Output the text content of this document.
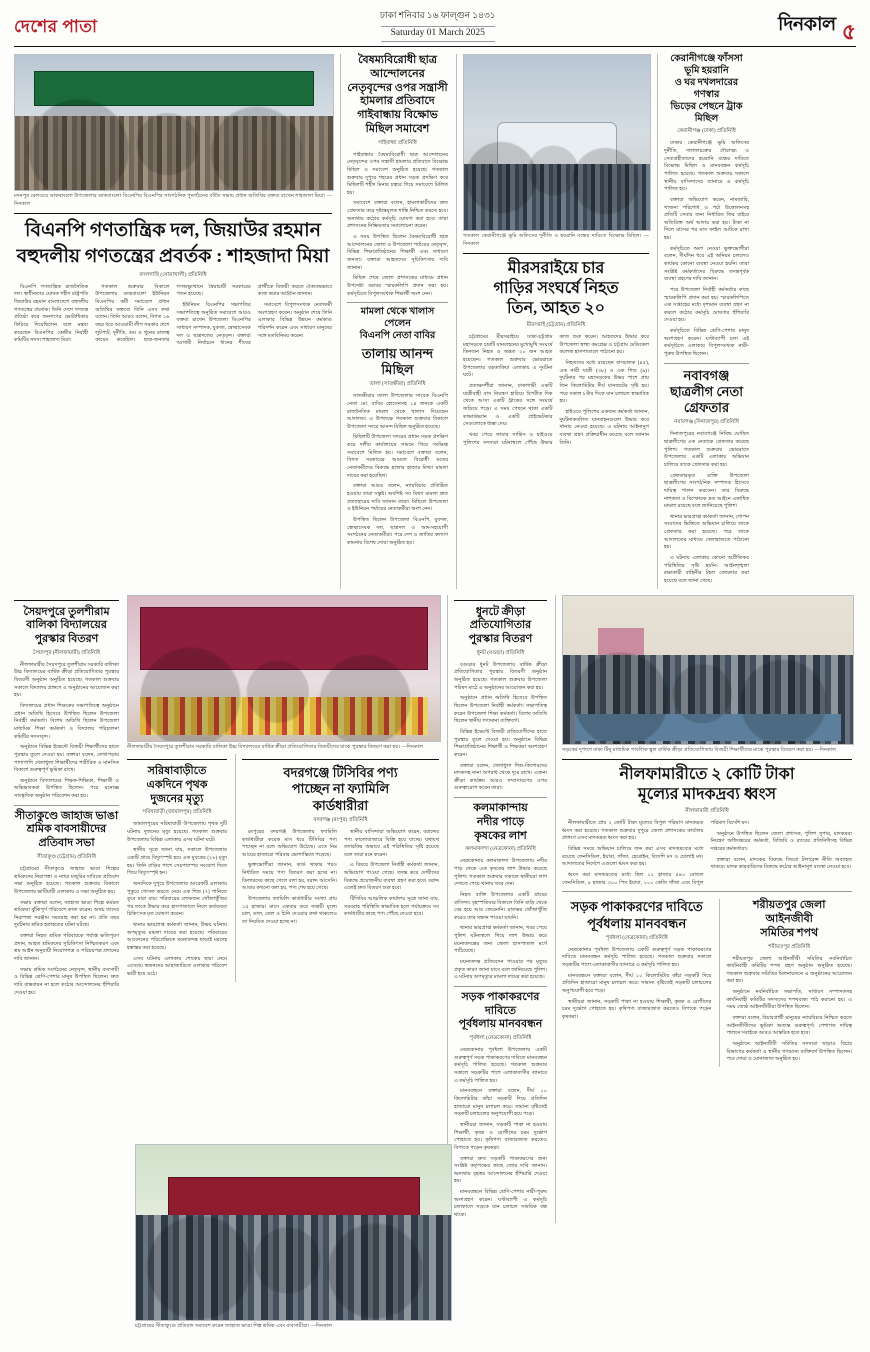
দেশের পাতা
ঢাকা শনিবার ১৬ ফাল্গুন ১৪৩১
Saturday 01 March 2025	দিনকাল ৫
মদনপুর রেলওয়ে ডাকবাংলো উপজেলার ডাকবাংলো বিএনপির বিএনপির সাংগঠনিক পুনর্গঠনের বর্ধিত সভায় প্রধান অতিথির বক্তব্য রাখেন শাহজাদা মিয়া। —দিনকাল
বিএনপি গণতান্ত্রিক দল, জিয়াউর রহমান
বহুদলীয় গণতন্ত্রের প্রবর্তক : শাহজাদা মিয়া
বদলগাছি (নোয়াখালী) প্রতিনিধি

বিএনপি গণতান্ত্রিক রাজনৈতিক দল। স্বাধীনতার ঘোষক শহীদ রাষ্ট্রপতি জিয়াউর রহমান বাংলাদেশে বহুদলীয় গণতন্ত্রের প্রবর্তক। তিনি দেশে গণতন্ত্র প্রতিষ্ঠা করে জনগণের ভোটাধিকার ফিরিয়ে দিয়েছিলেন বলে মন্তব্য করেছেন বিএনপির কেন্দ্রীয় নির্বাহী কমিটির সদস্য শাহজাদা মিয়া।

গতকাল শুক্রবার বিকালে উপজেলার ডাকবাংলো ইউনিয়ন বিএনপির কর্মী সমাবেশে প্রধান অতিথির বক্তব্যে তিনি এসব কথা বলেন। তিনি আরও বলেন, বিগত ১৬ বছর ধরে আওয়ামী লীগ সরকার দেশে লুটপাট, দুর্নীতি, গুম ও খুনের রাজত্ব কায়েম করেছিল। ছাত্র-জনতার গণঅভ্যুত্থানে স্বৈরাচারী সরকারের পতন হয়েছে।

ইউনিয়ন বিএনপির সভাপতির সভাপতিত্বে অনুষ্ঠিত সমাবেশে আরও বক্তব্য রাখেন উপজেলা বিএনপির সাধারণ সম্পাদক, যুবদল, স্বেচ্ছাসেবক দল ও ছাত্রদলের নেতৃবৃন্দ। বক্তারা আগামী নির্বাচনে ধানের শীষের প্রার্থীকে বিজয়ী করতে ঐক্যবদ্ধভাবে কাজ করার আহ্বান জানান।

সমাবেশে বিপুলসংখ্যক নেতাকর্মী অংশগ্রহণ করেন। অনুষ্ঠান শেষে তিনি এলাকার বিভিন্ন উন্নয়ন কর্মকাণ্ড পরিদর্শন করেন এবং সাধারণ মানুষের সঙ্গে মতবিনিময় করেন।

বৈষম্যবিরোধী ছাত্র আন্দোলনের নেতৃবৃন্দের ওপর সন্ত্রাসী হামলার প্রতিবাদে গাইবান্ধায় বিক্ষোভ মিছিল সমাবেশ
গাইবান্ধা প্রতিনিধি

গাইবান্ধায় বৈষম্যবিরোধী ছাত্র আন্দোলনের নেতৃবৃন্দের ওপর সন্ত্রাসী হামলার প্রতিবাদে বিক্ষোভ মিছিল ও সমাবেশ অনুষ্ঠিত হয়েছে। গতকাল শুক্রবার দুপুরে শহরের প্রধান সড়ক প্রদক্ষিণ করে মিছিলটি শহীদ মিনার চত্বরে গিয়ে সমাবেশে মিলিত হয়।

সমাবেশে বক্তারা বলেন, হামলাকারীদের দ্রুত গ্রেফতার করে দৃষ্টান্তমূলক শাস্তি নিশ্চিত করতে হবে। অন্যথায় কঠোর কর্মসূচি ঘোষণা করা হবে। তারা প্রশাসনের নিষ্ক্রিয়তার সমালোচনা করেন।

এ সময় উপস্থিত ছিলেন বৈষম্যবিরোধী ছাত্র আন্দোলনের জেলা ও উপজেলা পর্যায়ের নেতৃবৃন্দ, বিভিন্ন শিক্ষাপ্রতিষ্ঠানের শিক্ষার্থী এবং সাধারণ জনতা। বক্তারা আহতদের সুচিকিৎসার দাবি জানান।

মিছিল শেষে জেলা প্রশাসকের মাধ্যমে প্রধান উপদেষ্টা বরাবর স্মারকলিপি প্রদান করা হয়। কর্মসূচিতে বিপুলসংখ্যক শিক্ষার্থী অংশ নেন।

মামলা থেকে খালাস পেলেন
বিএনপি নেতা বাবির
তালায় আনন্দ
মিছিল
তালা (সাতক্ষীরা) প্রতিনিধি

সাতক্ষীরার তালা উপজেলার সাবেক বিএনপি নেতা মো. বাবির হোসেনসহ ১৪ জনকে একটি রাজনৈতিক মামলা থেকে খালাস দিয়েছেন আদালত। এ উপলক্ষে গতকাল শুক্রবার বিকালে উপজেলা সদরে আনন্দ মিছিল অনুষ্ঠিত হয়েছে।

মিছিলটি উপজেলা সদরের প্রধান সড়ক প্রদক্ষিণ করে দলীয় কার্যালয়ের সামনে গিয়ে সংক্ষিপ্ত সমাবেশে মিলিত হয়। সমাবেশে বক্তারা বলেন, বিগত সরকারের আমলে বিরোধী মতের নেতাকর্মীদের বিরুদ্ধে হাজার হাজার মিথ্যা মামলা দায়ের করা হয়েছিল।

বক্তারা আরও বলেন, ন্যায়বিচার প্রতিষ্ঠিত হওয়ায় তারা সন্তুষ্ট। অবশিষ্ট সব মিথ্যা মামলা দ্রুত প্রত্যাহারের দাবি জানান তারা। মিছিলে উপজেলা ও ইউনিয়ন পর্যায়ের নেতাকর্মীরা অংশ নেন।

উপস্থিত ছিলেন উপজেলা বিএনপি, যুবদল, স্বেচ্ছাসেবক দল, ছাত্রদল ও অঙ্গ-সহযোগী সংগঠনের নেতাকর্মীরা। পরে দেশ ও জাতির কল্যাণ কামনায় বিশেষ দোয়া অনুষ্ঠিত হয়।

গতকাল কেরানীগঞ্জে ভূমি অফিসের দুর্নীতি ও হয়রানি বন্ধের দাবিতে বিক্ষোভ মিছিল। —দিনকাল
মীরসরাইয়ে চার
গাড়ির সংঘর্ষে নিহত
তিন, আহত ২০
মীরসরাই (চট্টগ্রাম) প্রতিনিধি

চট্টগ্রামের মীরসরাইয়ে ঢাকা-চট্টগ্রাম মহাসড়কে চারটি যানবাহনের মুখোমুখি সংঘর্ষে তিনজন নিহত ও অন্তত ২০ জন আহত হয়েছেন। গতকাল শুক্রবার ভোররাতে উপজেলার বড়তাকিয়া এলাকায় এ দুর্ঘটনা ঘটে।

প্রত্যক্ষদর্শীরা জানান, ঢাকাগামী একটি যাত্রীবাহী বাস নিয়ন্ত্রণ হারিয়ে বিপরীত দিক থেকে আসা একটি ট্রাকের সঙ্গে সংঘর্ষে জড়িয়ে পড়ে। এ সময় পেছনে থাকা একটি কাভার্ডভ্যান ও একটি প্রাইভেটকার সেগুলোকে ধাক্কা দেয়।

খবর পেয়ে ফায়ার সার্ভিস ও হাইওয়ে পুলিশের সদস্যরা ঘটনাস্থলে পৌঁছে উদ্ধার কাজ শুরু করেন। আহতদের উদ্ধার করে উপজেলা স্বাস্থ্য কমপ্লেক্স ও চট্টগ্রাম মেডিকেল কলেজ হাসপাতালে পাঠানো হয়।

নিহতদের মধ্যে রয়েছেন বাসচালক (৪৫), এক নারী যাত্রী (৩৮) ও এক শিশু (৯)। দুর্ঘটনার পর মহাসড়কের উভয় পাশে প্রায় তিন কিলোমিটার দীর্ঘ যানজটের সৃষ্টি হয়। পরে সকাল ৮টার দিকে যান চলাচল স্বাভাবিক হয়।

হাইওয়ে পুলিশের একজন কর্মকর্তা জানান, দুর্ঘটনাকবলিত যানবাহনগুলো উদ্ধার করে থানায় নেওয়া হয়েছে। এ ঘটনায় আইনানুগ ব্যবস্থা গ্রহণ প্রক্রিয়াধীন রয়েছে বলে জানান তিনি।

কেরানীগঞ্জে ফাঁসসা ভূমি হয়রানি
ও ঘর দখলদারের গণস্বার
ভিড়ের পেছনে ট্রাক মিছিল
কেরানীগঞ্জ (ঢাকা) প্রতিনিধি

ঢাকার কেরানীগঞ্জে ভূমি অফিসের দুর্নীতি, দালালচক্রের দৌরাত্ম্য ও সেবাগ্রহীতাদের হয়রানি বন্ধের দাবিতে বিক্ষোভ মিছিল ও মানববন্ধন কর্মসূচি পালিত হয়েছে। গতকাল শুক্রবার সকালে স্থানীয় বাসিন্দাদের ব্যানারে এ কর্মসূচি পালিত হয়।

বক্তারা অভিযোগ করেন, নামজারি, খাজনা পরিশোধ ও পর্চা উত্তোলনসহ প্রতিটি সেবার জন্য নির্ধারিত ফির বাইরে অতিরিক্ত অর্থ আদায় করা হয়। টাকা না দিলে মাসের পর মাস ফাইল আটকে রাখা হয়।

কর্মসূচিতে অংশ নেওয়া ভুক্তভোগীরা বলেন, দীর্ঘদিন ধরে এই অনিয়ম চললেও কার্যকর কোনো ব্যবস্থা নেওয়া হয়নি। তারা সংশ্লিষ্ট কর্মকর্তাদের বিরুদ্ধে তদন্তপূর্বক ব্যবস্থা গ্রহণের দাবি জানান।

পরে উপজেলা নির্বাহী কর্মকর্তার কাছে স্মারকলিপি প্রদান করা হয়। স্মারকলিপিতে এক সপ্তাহের মধ্যে দৃশ্যমান ব্যবস্থা গ্রহণ না করলে কঠোর কর্মসূচি ঘোষণার হুঁশিয়ারি দেওয়া হয়।

কর্মসূচিতে বিভিন্ন শ্রেণি-পেশার মানুষ অংশগ্রহণ করেন। ঘণ্টাব্যাপী চলা এই কর্মসূচিতে এলাকার বিপুলসংখ্যক নারী-পুরুষ উপস্থিত ছিলেন।

নবাবগঞ্জ
ছাত্রলীগ নেতা
গ্রেফতার
নবাবগঞ্জ (দিনাজপুর) প্রতিনিধি

দিনাজপুরের নবাবগঞ্জে নিষিদ্ধ ঘোষিত ছাত্রলীগের এক নেতাকে গ্রেফতার করেছে পুলিশ। গতকাল শুক্রবার ভোররাতে উপজেলার একটি এলাকায় অভিযান চালিয়ে তাকে গ্রেফতার করা হয়।

গ্রেফতারকৃত ব্যক্তি উপজেলা ছাত্রলীগের সাংগঠনিক সম্পাদক হিসেবে দায়িত্ব পালন করতেন। তার বিরুদ্ধে নাশকতা ও বিস্ফোরক দ্রব্য আইনে একাধিক মামলা রয়েছে বলে জানিয়েছে পুলিশ।

থানার ভারপ্রাপ্ত কর্মকর্তা জানান, গোপন সংবাদের ভিত্তিতে অভিযান চালিয়ে তাকে গ্রেফতার করা হয়েছে। পরে তাকে আদালতের মাধ্যমে জেলহাজতে পাঠানো হয়।

এ ঘটনায় এলাকায় কোনো অপ্রীতিকর পরিস্থিতির সৃষ্টি হয়নি। আইনশৃঙ্খলা রক্ষাকারী বাহিনীর টহল জোরদার করা হয়েছে বলে জানা গেছে।

সৈয়দপুরে তুলশীরাম
বালিকা বিদ্যালয়ের
পুরস্কার বিতরণ
সৈয়দপুর (নীলফামারী) প্রতিনিধি

নীলফামারীর সৈয়দপুরে তুলশীরাম সরকারি বালিকা উচ্চ বিদ্যালয়ের বার্ষিক ক্রীড়া প্রতিযোগিতার পুরস্কার বিতরণী অনুষ্ঠান অনুষ্ঠিত হয়েছে। গতকাল শুক্রবার সকালে বিদ্যালয় প্রাঙ্গণে এ অনুষ্ঠানের আয়োজন করা হয়।

বিদ্যালয়ের প্রধান শিক্ষকের সভাপতিত্বে অনুষ্ঠানে প্রধান অতিথি হিসেবে উপস্থিত ছিলেন উপজেলা নির্বাহী কর্মকর্তা। বিশেষ অতিথি ছিলেন উপজেলা মাধ্যমিক শিক্ষা কর্মকর্তা ও বিদ্যালয় পরিচালনা কমিটির সদস্যবৃন্দ।

অনুষ্ঠানে বিভিন্ন ইভেন্টে বিজয়ী শিক্ষার্থীদের হাতে পুরস্কার তুলে দেওয়া হয়। বক্তারা বলেন, লেখাপড়ার পাশাপাশি খেলাধুলা শিক্ষার্থীদের শারীরিক ও মানসিক বিকাশে গুরুত্বপূর্ণ ভূমিকা রাখে।

অনুষ্ঠানে বিদ্যালয়ের শিক্ষক-শিক্ষিকা, শিক্ষার্থী ও অভিভাবকরা উপস্থিত ছিলেন। পরে মনোজ্ঞ সাংস্কৃতিক অনুষ্ঠান পরিবেশন করা হয়।

সীতাকুণ্ডে জাহাজ ভাঙা
শ্রমিক বাবসায়ীদের
প্রতিবাদ সভা
সীতাকুণ্ড (চট্টগ্রাম) প্রতিনিধি

চট্টগ্রামের সীতাকুণ্ডে জাহাজ ভাঙা শিল্পের শ্রমিকদের নিরাপত্তা ও ন্যায্য মজুরির দাবিতে প্রতিবাদ সভা অনুষ্ঠিত হয়েছে। গতকাল শুক্রবার বিকালে উপজেলার ভাটিয়ারী এলাকায় এ সভা অনুষ্ঠিত হয়।

সভায় বক্তারা বলেন, জাহাজ ভাঙা শিল্পে কর্মরত শ্রমিকরা ঝুঁকিপূর্ণ পরিবেশে কাজ করেন। অথচ তাদের নিরাপত্তা সরঞ্জাম সরবরাহ করা হয় না। প্রতি বছর দুর্ঘটনায় শ্রমিক হতাহতের ঘটনা ঘটছে।

বক্তারা নিহত শ্রমিক পরিবারকে পর্যাপ্ত ক্ষতিপূরণ প্রদান, আহত শ্রমিকদের সুচিকিৎসা নিশ্চিতকরণ এবং শ্রম আইন অনুযায়ী নিয়োগপত্র ও পরিচয়পত্র প্রদানের দাবি জানান।

সভায় শ্রমিক সংগঠনের নেতৃবৃন্দ, স্থানীয় ব্যবসায়ী ও বিভিন্ন শ্রেণি-পেশার মানুষ উপস্থিত ছিলেন। দ্রুত দাবি বাস্তবায়ন না হলে কঠোর আন্দোলনের হুঁশিয়ারি দেওয়া হয়।

নীলফামারীর সৈয়দপুরে তুলশীরাম সরকারি বালিকা উচ্চ বিদ্যালয়ের বার্ষিক ক্রীড়া প্রতিযোগিতার বিজয়ীদের মাঝে পুরস্কার বিতরণ করা হয়। —দিনকাল
সরিষাবাড়ীতে
একদিনে পৃথক
দুজনের মৃত্যু
সরিষাবাড়ী (জামালপুর) প্রতিনিধি

জামালপুরের সরিষাবাড়ী উপজেলায় পৃথক দুটি ঘটনায় দুজনের মৃত্যু হয়েছে। গতকাল শুক্রবার উপজেলার বিভিন্ন এলাকায় এসব ঘটনা ঘটে।

স্থানীয় সূত্রে জানা যায়, সকালে উপজেলার একটি গ্রামে বিদ্যুৎস্পৃষ্ট হয়ে এক যুবকের (২৮) মৃত্যু হয়। তিনি বাড়ির পাশে সেচপাম্পের সংযোগ দিতে গিয়ে বিদ্যুৎস্পৃষ্ট হন।

অন্যদিকে দুপুরে উপজেলার আরেকটি এলাকায় পুকুরে গোসল করতে নেমে এক শিশু (৭) পানিতে ডুবে মারা যায়। পরিবারের লোকজন খোঁজাখুঁজির পর তাকে উদ্ধার করে হাসপাতালে নিলে কর্তব্যরত চিকিৎসক মৃত ঘোষণা করেন।

থানার ভারপ্রাপ্ত কর্মকর্তা জানান, উভয় ঘটনায় অপমৃত্যুর মামলা দায়ের করা হয়েছে। পরিবারের আবেদনের পরিপ্রেক্ষিতে ময়নাতদন্ত ছাড়াই মরদেহ হস্তান্তর করা হয়েছে।

এসব ঘটনায় এলাকায় শোকের ছায়া নেমে এসেছে। স্বজনদের আহাজারিতে এলাকার পরিবেশ ভারী হয়ে ওঠে।

বদরগঞ্জে টিসিবির পণ্য
পাচ্ছেন না ফ্যামিলি
কার্ডধারীরা
বদরগঞ্জ (রংপুর) প্রতিনিধি

রংপুরের বদরগঞ্জ উপজেলায় ফ্যামিলি কার্ডধারীরা কয়েক মাস ধরে টিসিবির পণ্য পাচ্ছেন না বলে অভিযোগ উঠেছে। এতে নিম্ন আয়ের হাজারো পরিবার ভোগান্তিতে পড়েছে।

ভুক্তভোগীরা জানান, কার্ড থাকার পরও নির্ধারিত সময়ে পণ্য বিতরণ করা হচ্ছে না। ডিলারদের কাছে গেলে বলা হয়, বরাদ্দ আসেনি। আবার কখনো বলা হয়, পণ্য শেষ হয়ে গেছে।

উপজেলায় ফ্যামিলি কার্ডধারীর সংখ্যা প্রায় ১৫ হাজার। মাসে একবার করে সাশ্রয়ী মূল্যে চাল, ডাল, তেল ও চিনি দেওয়ার কথা থাকলেও তা নিয়মিত দেওয়া হচ্ছে না।

স্থানীয় বাসিন্দারা অভিযোগ করেন, বরাদ্দের পণ্য কালোবাজারে বিক্রি হয়ে যাচ্ছে। যথাযথ তদারকির অভাবে এই পরিস্থিতির সৃষ্টি হয়েছে বলে তারা মনে করেন।

এ বিষয়ে উপজেলা নির্বাহী কর্মকর্তা জানান, অভিযোগ পাওয়া গেছে। তদন্ত করে দোষীদের বিরুদ্ধে প্রয়োজনীয় ব্যবস্থা গ্রহণ করা হবে। বরাদ্দ এলেই দ্রুত বিতরণ শুরু হবে।

টিসিবির আঞ্চলিক কার্যালয় সূত্রে জানা যায়, সরবরাহ পরিস্থিতি স্বাভাবিক হলে পর্যায়ক্রমে সব কার্ডধারীর কাছে পণ্য পৌঁছে দেওয়া হবে।

ধুনটে ক্রীড়া
প্রতিযোগিতার
পুরস্কার বিতরণ
ধুনট (বগুড়া) প্রতিনিধি

বগুড়ার ধুনট উপজেলায় বার্ষিক ক্রীড়া প্রতিযোগিতার পুরস্কার বিতরণী অনুষ্ঠান অনুষ্ঠিত হয়েছে। গতকাল শুক্রবার উপজেলা পরিষদ মাঠে এ অনুষ্ঠানের আয়োজন করা হয়।

অনুষ্ঠানে প্রধান অতিথি হিসেবে উপস্থিত ছিলেন উপজেলা নির্বাহী কর্মকর্তা। সভাপতিত্ব করেন উপজেলা শিক্ষা কর্মকর্তা। বিশেষ অতিথি ছিলেন স্থানীয় গণ্যমান্য ব্যক্তিবর্গ।

বিভিন্ন ইভেন্টে বিজয়ী প্রতিযোগীদের হাতে পুরস্কার তুলে দেওয়া হয়। অনুষ্ঠানে বিভিন্ন শিক্ষাপ্রতিষ্ঠানের শিক্ষার্থী ও শিক্ষকরা অংশগ্রহণ করেন।

বক্তারা বলেন, খেলাধুলা শিশু-কিশোরদের মাদকসহ নানা অপরাধ থেকে দূরে রাখে। এজন্য ক্রীড়া কার্যক্রম আরও সম্প্রসারণের ওপর গুরুত্বারোপ করেন তারা।

কলমাকান্দায়
নদীর পাড়ে
কৃষকের লাশ
কলমাকান্দা (নেত্রকোনা) প্রতিনিধি

নেত্রকোনার কলমাকান্দা উপজেলায় নদীর পাড় থেকে এক কৃষকের লাশ উদ্ধার করেছে পুলিশ। গতকাল শুক্রবার সকালে স্থানীয়রা লাশ দেখতে পেয়ে থানায় খবর দেন।

নিহত ব্যক্তি উপজেলার একটি গ্রামের বাসিন্দা। বৃহস্পতিবার বিকালে তিনি বাড়ি থেকে বের হয়ে আর ফেরেননি। রাতভর খোঁজাখুঁজি করেও তার সন্ধান পাওয়া যায়নি।

থানার ভারপ্রাপ্ত কর্মকর্তা জানান, খবর পেয়ে পুলিশ ঘটনাস্থলে গিয়ে লাশ উদ্ধার করে ময়নাতদন্তের জন্য জেলা হাসপাতাল মর্গে পাঠিয়েছে।

ময়নাতদন্ত প্রতিবেদন পাওয়ার পর মৃত্যুর প্রকৃত কারণ জানা যাবে বলে জানিয়েছে পুলিশ। এ ঘটনায় অপমৃত্যুর মামলা দায়ের করা হয়েছে।

সড়ক পাকাকরণের দাবিতে
পূর্বধলায় মানববন্ধন
পূর্বধলা (নেত্রকোনা) প্রতিনিধি

নেত্রকোনার পূর্বধলা উপজেলায় একটি গুরুত্বপূর্ণ সড়ক পাকাকরণের দাবিতে মানববন্ধন কর্মসূচি পালিত হয়েছে। গতকাল শুক্রবার সকালে সড়কটির পাশে এলাকাবাসীর ব্যানারে এ কর্মসূচি পালিত হয়।

মানববন্ধনে বক্তারা বলেন, দীর্ঘ ১০ কিলোমিটার কাঁচা সড়কটি দিয়ে প্রতিদিন হাজারো মানুষ চলাচল করে। সামান্য বৃষ্টিতেই সড়কটি চলাচলের অনুপযোগী হয়ে পড়ে।

স্থানীয়রা জানান, সড়কটি পাকা না হওয়ায় শিক্ষার্থী, কৃষক ও রোগীদের চরম দুর্ভোগ পোহাতে হয়। কৃষিপণ্য বাজারজাত করতেও বিপাকে পড়েন কৃষকরা।

বক্তারা দ্রুত সড়কটি পাকাকরণের জন্য সংশ্লিষ্ট কর্তৃপক্ষের কাছে জোর দাবি জানান। অন্যথায় বৃহত্তর আন্দোলনের হুঁশিয়ারি দেওয়া হয়।

মানববন্ধনে বিভিন্ন শ্রেণি-পেশার নারী-পুরুষ অংশগ্রহণ করেন। ঘণ্টাব্যাপী এ কর্মসূচি চলাকালে সড়কে যান চলাচল সাময়িক বন্ধ থাকে।

সড়কের দুপাশে ঢাকা টিনু মাধ্যমিক পাবলিক স্কুল বার্ষিক ক্রীড়া প্রতিযোগিতায় বিজয়ী শিক্ষার্থীদের মাঝে পুরস্কার বিতরণ করা হয়। —দিনকাল
নীলফামারীতে ২ কোটি টাকা
মূল্যের মাদকদ্রব্য ধ্বংস
নীলফামারী প্রতিনিধি

নীলফামারীতে প্রায় ২ কোটি টাকা মূল্যের বিপুল পরিমাণ মাদকদ্রব্য ধ্বংস করা হয়েছে। গতকাল শুক্রবার দুপুরে জেলা প্রশাসকের কার্যালয় প্রাঙ্গণে এসব মাদকদ্রব্য ধ্বংস করা হয়।

বিভিন্ন সময়ে অভিযান চালিয়ে জব্দ করা এসব মাদকদ্রব্যের মধ্যে রয়েছে ফেনসিডিল, ইয়াবা, গাঁজা, হেরোইন, বিদেশি মদ ও চোলাই মদ। আদালতের নির্দেশে এগুলো ধ্বংস করা হয়।

ধ্বংস করা মাদকদ্রব্যের মধ্যে ছিল ১২ হাজার ৫৪০ বোতল ফেনসিডিল, ৯ হাজার ৩০০ পিস ইয়াবা, ১০০ কেজি গাঁজা এবং বিপুল পরিমাণ বিদেশি মদ।

অনুষ্ঠানে উপস্থিত ছিলেন জেলা প্রশাসক, পুলিশ সুপার, মাদকদ্রব্য নিয়ন্ত্রণ অধিদপ্তরের কর্মকর্তা, বিজিবি ও র‍্যাবের প্রতিনিধিসহ বিভিন্ন দপ্তরের কর্মকর্তারা।

বক্তারা বলেন, মাদকের বিরুদ্ধে জিরো টলারেন্স নীতি অব্যাহত থাকবে। মাদক কারবারিদের বিরুদ্ধে কঠোর আইনানুগ ব্যবস্থা নেওয়া হবে।

সড়ক পাকাকরণের দাবিতে
পূর্বধলায় মানববন্ধন
পূর্বধলা (নেত্রকোনা) প্রতিনিধি

নেত্রকোনার পূর্বধলা উপজেলায় একটি গুরুত্বপূর্ণ সড়ক পাকাকরণের দাবিতে মানববন্ধন কর্মসূচি পালিত হয়েছে। গতকাল শুক্রবার সকালে সড়কটির পাশে এলাকাবাসীর ব্যানারে এ কর্মসূচি পালিত হয়।

মানববন্ধনে বক্তারা বলেন, দীর্ঘ ১০ কিলোমিটার কাঁচা সড়কটি দিয়ে প্রতিদিন হাজারো মানুষ চলাচল করে। সামান্য বৃষ্টিতেই সড়কটি চলাচলের অনুপযোগী হয়ে পড়ে।

স্থানীয়রা জানান, সড়কটি পাকা না হওয়ায় শিক্ষার্থী, কৃষক ও রোগীদের চরম দুর্ভোগ পোহাতে হয়। কৃষিপণ্য বাজারজাত করতেও বিপাকে পড়েন কৃষকরা।

শরীয়তপুর জেলা
আইনজীবী
সমিতির শপথ
শরীয়তপুর প্রতিনিধি

শরীয়তপুর জেলা আইনজীবী সমিতির নবনির্বাচিত কার্যনির্বাহী কমিটির শপথ গ্রহণ অনুষ্ঠান অনুষ্ঠিত হয়েছে। গতকাল শুক্রবার সমিতির মিলনায়তনে এ অনুষ্ঠানের আয়োজন করা হয়।

অনুষ্ঠানে নবনির্বাচিত সভাপতি, সাধারণ সম্পাদকসহ কার্যনির্বাহী কমিটির সদস্যদের শপথবাক্য পাঠ করানো হয়। এ সময় জ্যেষ্ঠ আইনজীবীরা উপস্থিত ছিলেন।

বক্তারা বলেন, বিচারপ্রার্থী মানুষের ন্যায়বিচার নিশ্চিত করতে আইনজীবীদের ভূমিকা অত্যন্ত গুরুত্বপূর্ণ। পেশাগত দায়িত্ব পালনে সবাইকে আরও আন্তরিক হতে হবে।

অনুষ্ঠানে আইনজীবী সমিতির সদস্যরা ছাড়াও বিচার বিভাগের কর্মকর্তা ও স্থানীয় গণ্যমান্য ব্যক্তিবর্গ উপস্থিত ছিলেন। পরে দোয়া ও মোনাজাত অনুষ্ঠিত হয়।

চট্টগ্রামের সীতাকুণ্ডে প্রতিবাদ সমাবেশ করেন জাহাজ ভাঙা শিল্প শ্রমিক এবং ব্যবসায়ীরা। —দিনকাল
